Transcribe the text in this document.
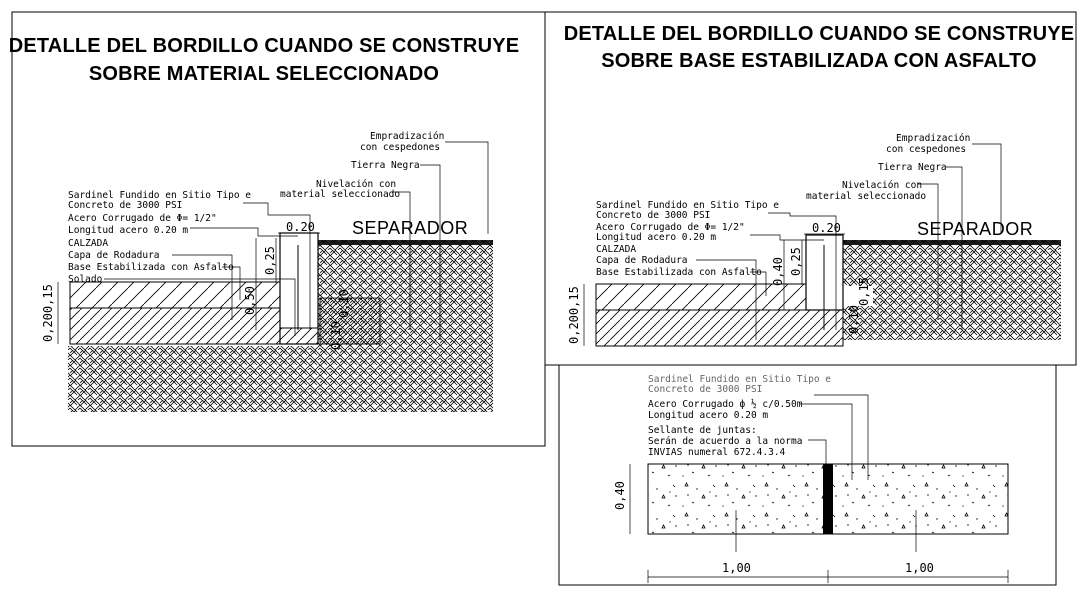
DETALLE DEL BORDILLO CUANDO SE CONSTRUYE
SOBRE MATERIAL SELECCIONADO
SEPARADOR
Empradización
con cespedones
Tierra Negra
Nivelación con
material seleccionado
Sardinel Fundido en Sitio Tipo e
Concreto de 3000 PSI
Acero Corrugado de Φ= 1/2"
Longitud acero 0.20 m
CALZADA
Capa de Rodadura
Base Estabilizada con Asfalto
Solado
0.20
0,25
0,50
0,200,15	0,10
0,10
DETALLE DEL BORDILLO CUANDO SE CONSTRUYE
SOBRE BASE ESTABILIZADA CON ASFALTO
SEPARADOR
Empradización
con cespedones
Tierra Negra
Nivelación con
material seleccionado
Sardinel Fundido en Sitio Tipo e
Concreto de 3000 PSI
Acero Corrugado de Φ= 1/2"
Longitud acero 0.20 m
CALZADA
Capa de Rodadura
Base Estabilizada con Asfalto
0.20
0,40 0,25
0,200,15	0,15
0,10
Sardinel Fundido en Sitio Tipo e
Concreto de 3000 PSI
Acero Corrugado ф ½ c/0.50m
Longitud acero 0.20 m
Sellante de juntas:
Serán de acuerdo a la norma
INVIAS numeral 672.4.3.4
0,40
1,00	1,00
